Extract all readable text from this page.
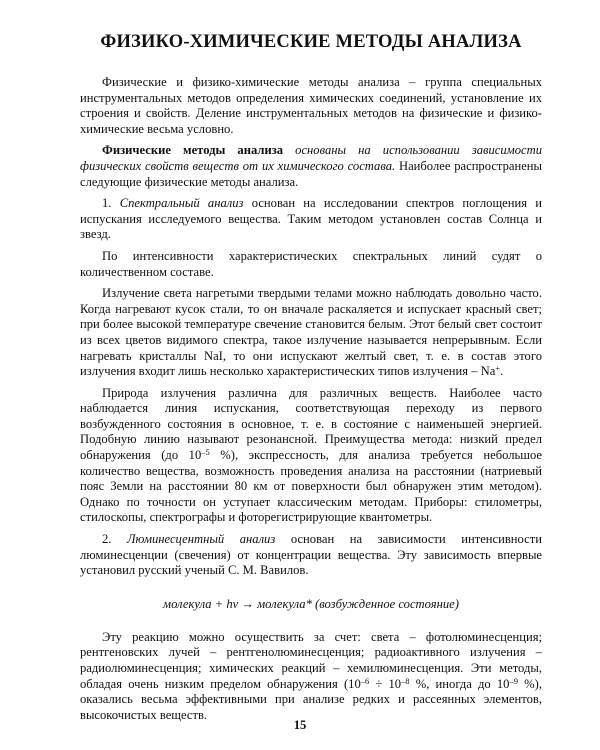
ФИЗИКО-ХИМИЧЕСКИЕ МЕТОДЫ АНАЛИЗА

Физические и физико-химические методы анализа – группа специальных инструментальных методов определения химических соединений, установление их строения и свойств. Деление инструментальных методов на физические и физико-химические весьма условно.

Физические методы анализа основаны на использовании зависимости физических свойств веществ от их химического состава. Наиболее распространены следующие физические методы анализа.

1. Спектральный анализ основан на исследовании спектров поглощения и испускания исследуемого вещества. Таким методом установлен состав Солнца и звезд.

По интенсивности характеристических спектральных линий судят о количественном составе.

Излучение света нагретыми твердыми телами можно наблюдать довольно часто. Когда нагревают кусок стали, то он вначале раскаляется и испускает красный свет; при более высокой температуре свечение становится белым. Этот белый свет состоит из всех цветов видимого спектра, такое излучение называется непрерывным. Если нагревать кристаллы NaI, то они испускают желтый свет, т. е. в состав этого излучения входит лишь несколько характеристических типов излучения – Na+.

Природа излучения различна для различных веществ. Наиболее часто наблюдается линия испускания, соответствующая переходу из первого возбужденного состояния в основное, т. е. в состояние с наименьшей энергией. Подобную линию называют резонансной. Преимущества метода: низкий предел обнаружения (до $10^{-5}$ %), экспрессность, для анализа требуется небольшое количество вещества, возможность проведения анализа на расстоянии (натриевый пояс Земли на расстоянии 80 км от поверхности был обнаружен этим методом). Однако по точности он уступает классическим методам. Приборы: стилометры, стилоскопы, спектрографы и фоторегистрирующие квантометры.

2. Люминесцентный анализ основан на зависимости интенсивности люминесценции (свечения) от концентрации вещества. Эту зависимость впервые установил русский ученый С. М. Вавилов.

молекула + hν → молекула* (возбужденное состояние)

Эту реакцию можно осуществить за счет: света – фотолюминесценция; рентгеновских лучей – рентгенолюминесценция; радиоактивного излучения – радиолюминесценция; химических реакций – хемилюминесценция. Эти методы, обладая очень низким пределом обнаружения ($10^{-6} \div 10^{-8}$ %, иногда до $10^{-9}$ %), оказались весьма эффективными при анализе редких и рассеянных элементов, высокочистых веществ.

15
